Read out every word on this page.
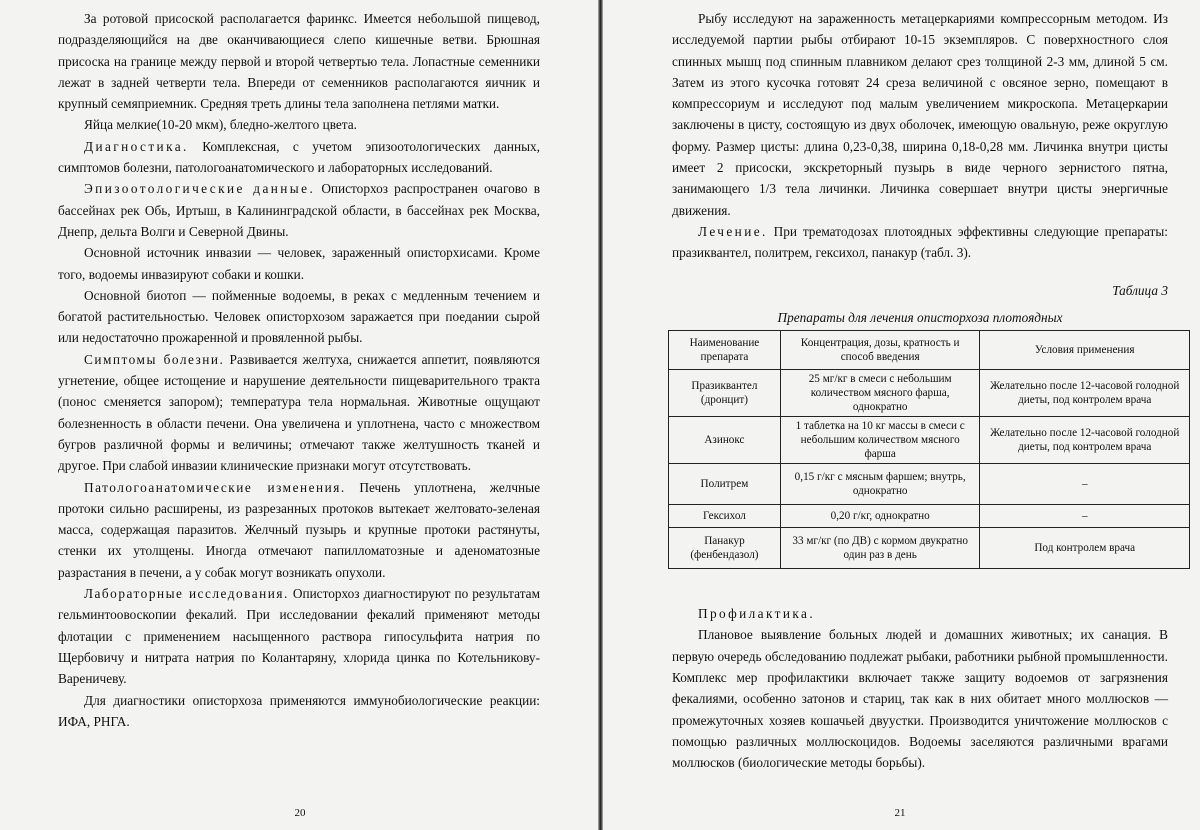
За ротовой присоской располагается фаринкс. Имеется небольшой пищевод, подразделяющийся на две оканчивающиеся слепо кишечные ветви. Брюшная присоска на границе между первой и второй четвертью тела. Лопастные семенники лежат в задней четверти тела. Впереди от семенников располагаются яичник и крупный семяприемник. Средняя треть длины тела заполнена петлями матки.

Яйца мелкие(10-20 мкм), бледно-желтого цвета.

Диагностика. Комплексная, с учетом эпизоотологических данных, симптомов болезни, патологоанатомического и лабораторных исследований.

Эпизоотологические данные. Описторхоз распространен очагово в бассейнах рек Обь, Иртыш, в Калининградской области, в бассейнах рек Москва, Днепр, дельта Волги и Северной Двины.

Основной источник инвазии — человек, зараженный описторхисами. Кроме того, водоемы инвазируют собаки и кошки.

Основной биотоп — пойменные водоемы, в реках с медленным течением и богатой растительностью. Человек описторхозом заражается при поедании сырой или недостаточно прожаренной и провяленной рыбы.

Симптомы болезни. Развивается желтуха, снижается аппетит, появляются угнетение, общее истощение и нарушение деятельности пищеварительного тракта (понос сменяется запором); температура тела нормальная. Животные ощущают болезненность в области печени. Она увеличена и уплотнена, часто с множеством бугров различной формы и величины; отмечают также желтушность тканей и другое. При слабой инвазии клинические признаки могут отсутствовать.

Патологоанатомические изменения. Печень уплотнена, желчные протоки сильно расширены, из разрезанных протоков вытекает желтовато-зеленая масса, содержащая паразитов. Желчный пузырь и крупные протоки растянуты, стенки их утолщены. Иногда отмечают папилломатозные и аденоматозные разрастания в печени, а у собак могут возникать опухоли.

Лабораторные исследования. Описторхоз диагностируют по результатам гельминтоовоскопии фекалий. При исследовании фекалий применяют методы флотации с применением насыщенного раствора гипосульфита натрия по Щербовичу и нитрата натрия по Колантаряну, хлорида цинка по Котельникову-Вареничеву.

Для диагностики описторхоза применяются иммунобиологические реакции: ИФА, РНГА.

20

Рыбу исследуют на зараженность метацеркариями компрессорным методом. Из исследуемой партии рыбы отбирают 10-15 экземпляров. С поверхностного слоя спинных мышц под спинным плавником делают срез толщиной 2-3 мм, длиной 5 см. Затем из этого кусочка готовят 24 среза величиной с овсяное зерно, помещают в компрессориум и исследуют под малым увеличением микроскопа. Метацеркарии заключены в цисту, состоящую из двух оболочек, имеющую овальную, реже округлую форму. Размер цисты: длина 0,23-0,38, ширина 0,18-0,28 мм. Личинка внутри цисты имеет 2 присоски, экскреторный пузырь в виде черного зернистого пятна, занимающего 1/3 тела личинки. Личинка совершает внутри цисты энергичные движения.

Лечение. При трематодозах плотоядных эффективны следующие препараты: празиквантел, политрем, гексихол, панакур (табл. 3).

Таблица 3
Препараты для лечения описторхоза плотоядных
Наименование препарата	Концентрация, дозы, кратность и способ введения	Условия применения
Празиквантел (дронцит)	25 мг/кг в смеси с небольшим количеством мясного фарша, однократно	Желательно после 12-часовой голодной диеты, под контролем врача
Азинокс	1 таблетка на 10 кг массы в смеси с небольшим количеством мясного фарша	Желательно после 12-часовой голодной диеты, под контролем врача
Политрем	0,15 г/кг с мясным фаршем; внутрь, однократно	–
Гексихол	0,20 г/кг, однократно	–
Панакур (фенбендазол)	33 мг/кг (по ДВ) с кормом двукратно один раз в день	Под контролем врача

Профилактика.

Плановое выявление больных людей и домашних животных; их санация. В первую очередь обследованию подлежат рыбаки, работники рыбной промышленности. Комплекс мер профилактики включает также защиту водоемов от загрязнения фекалиями, особенно затонов и стариц, так как в них обитает много моллюсков — промежуточных хозяев кошачьей двуустки. Производится уничтожение моллюсков с помощью различных моллюскоцидов. Водоемы заселяются различными врагами моллюсков (биологические методы борьбы).

21
